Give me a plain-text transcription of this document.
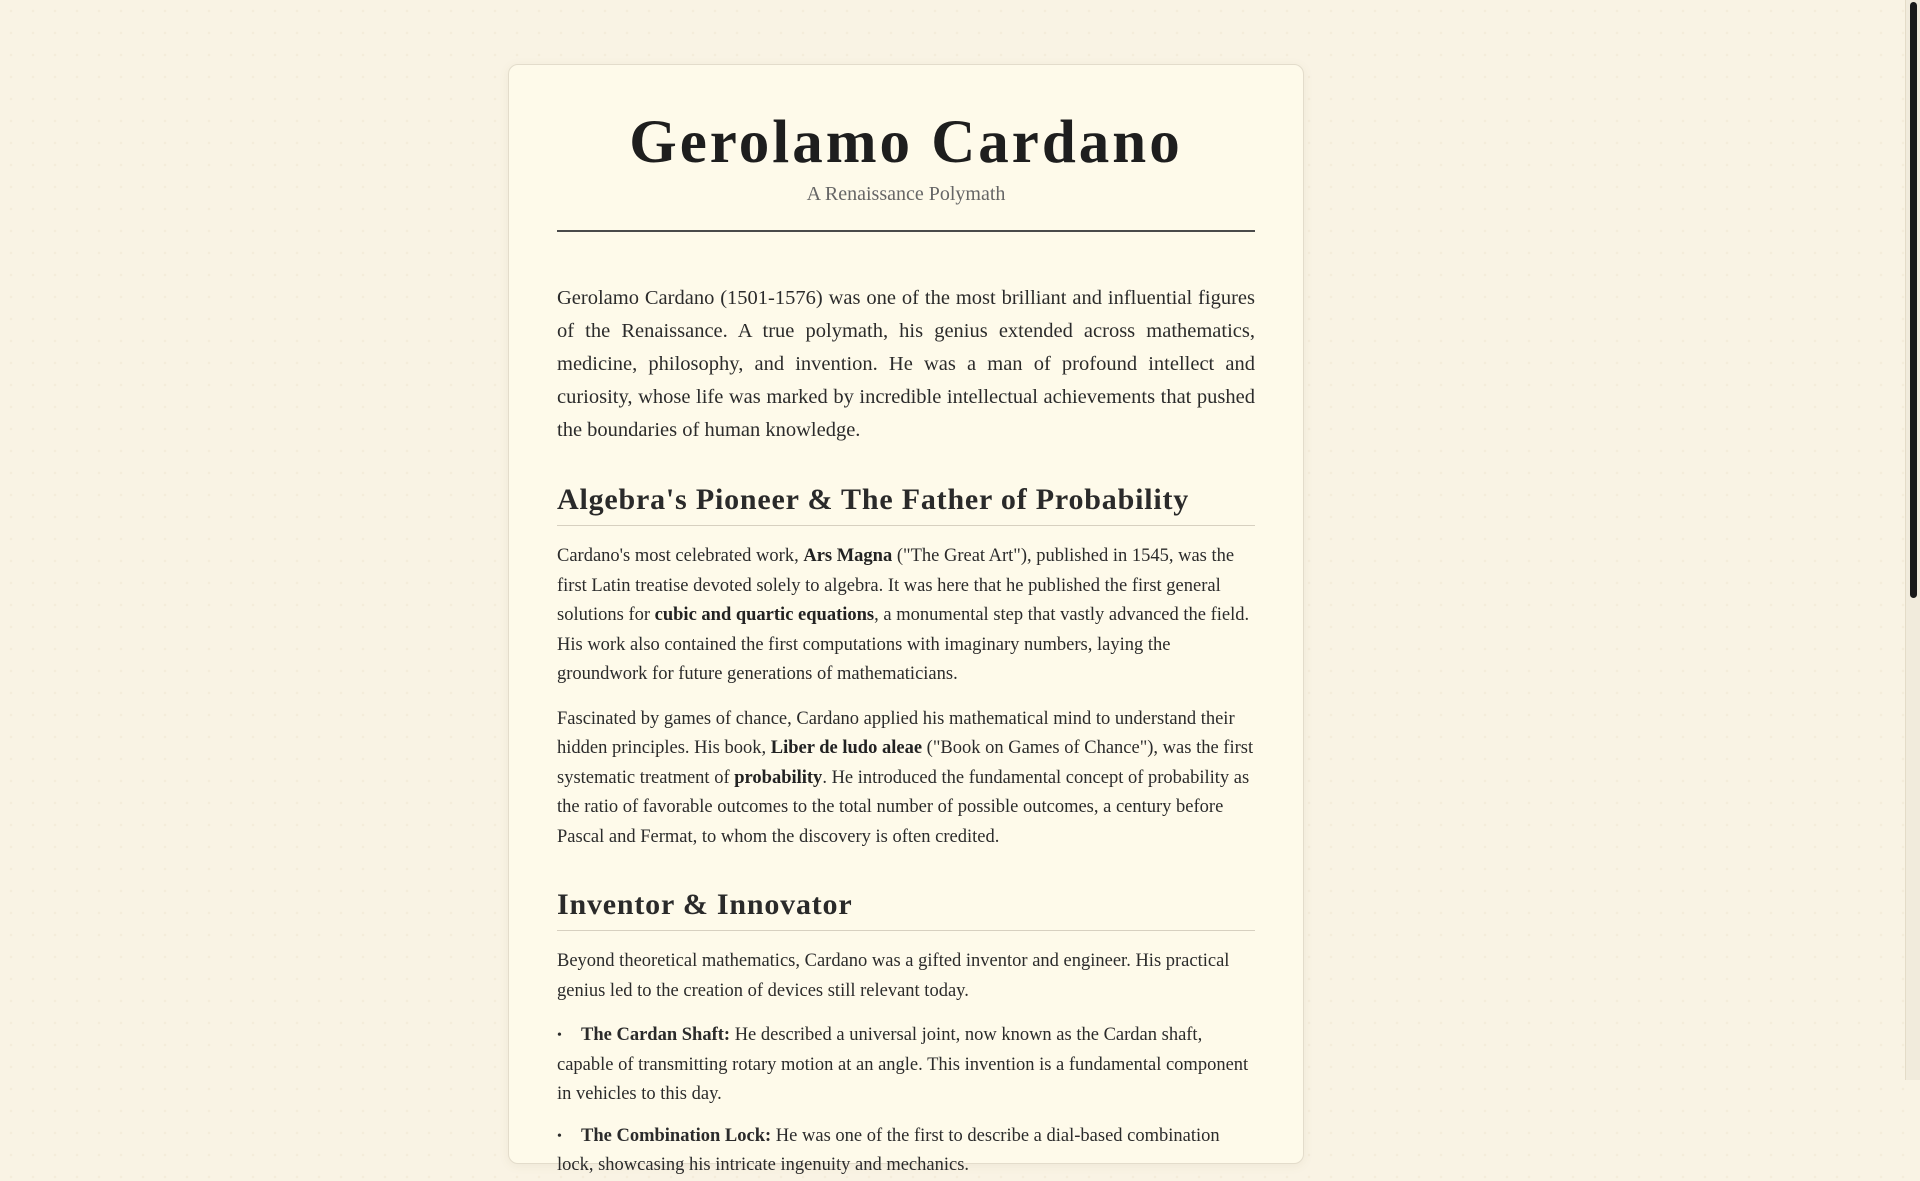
Gerolamo Cardano

A Renaissance Polymath

Gerolamo Cardano (1501-1576) was one of the most brilliant and influential figures of the Renaissance. A true polymath, his genius extended across mathematics, medicine, philosophy, and invention. He was a man of profound intellect and curiosity, whose life was marked by incredible intellectual achievements that pushed the boundaries of human knowledge.

Algebra's Pioneer & The Father of Probability

Cardano's most celebrated work, Ars Magna ("The Great Art"), published in 1545, was the first Latin treatise devoted solely to algebra. It was here that he published the first general solutions for cubic and quartic equations, a monumental step that vastly advanced the field. His work also contained the first computations with imaginary numbers, laying the groundwork for future generations of mathematicians.

Fascinated by games of chance, Cardano applied his mathematical mind to understand their hidden principles. His book, Liber de ludo aleae ("Book on Games of Chance"), was the first systematic treatment of probability. He introduced the fundamental concept of probability as the ratio of favorable outcomes to the total number of possible outcomes, a century before Pascal and Fermat, to whom the discovery is often credited.

Inventor & Innovator

Beyond theoretical mathematics, Cardano was a gifted inventor and engineer. His practical genius led to the creation of devices still relevant today.

• The Cardan Shaft: He described a universal joint, now known as the Cardan shaft, capable of transmitting rotary motion at an angle. This invention is a fundamental component in vehicles to this day.
• The Combination Lock: He was one of the first to describe a dial-based combination lock, showcasing his intricate ingenuity and mechanics.
